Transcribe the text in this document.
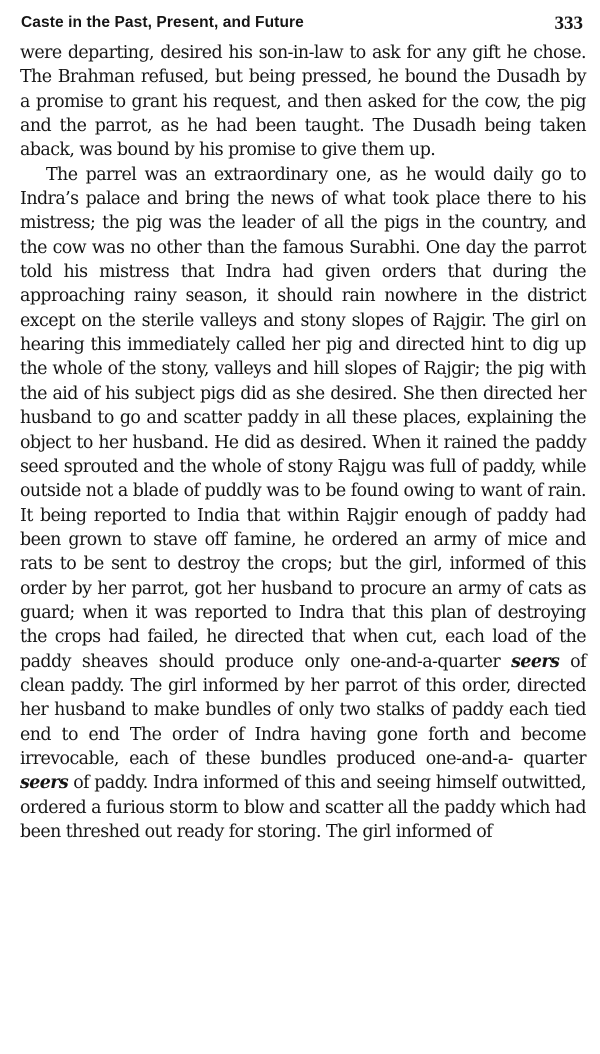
Caste in the Past, Present, and Future	333

were departing, desired his son-in-law to ask for any gift he chose. The Brahman refused, but being pressed, he bound the Dusadh by a promise to grant his request, and then asked for the cow, the pig and the parrot, as he had been taught. The Dusadh being taken aback, was bound by his promise to give them up.

The parrel was an extraordinary one, as he would daily go to Indra’s palace and bring the news of what took place there to his mistress; the pig was the leader of all the pigs in the country, and the cow was no other than the famous Surabhi. One day the parrot told his mistress that Indra had given orders that during the approaching rainy season, it should rain nowhere in the district except on the sterile valleys and stony slopes of Rajgir. The girl on hearing this immediately called her pig and directed hint to dig up the whole of the stony, valleys and hill slopes of Rajgir; the pig with the aid of his subject pigs did as she desired. She then directed her husband to go and scatter paddy in all these places, explaining the object to her husband. He did as desired. When it rained the paddy seed sprouted and the whole of stony Rajgu was full of paddy, while outside not a blade of puddly was to be found owing to want of rain. It being reported to India that within Rajgir enough of paddy had been grown to stave off famine, he ordered an army of mice and rats to be sent to destroy the crops; but the girl, informed of this order by her parrot, got her husband to procure an army of cats as guard; when it was reported to Indra that this plan of destroying the crops had failed, he directed that when cut, each load of the paddy sheaves should produce only one-and-a-quarter seers of clean paddy. The girl informed by her parrot of this order, directed her husband to make bundles of only two stalks of paddy each tied end to end The order of Indra having gone forth and become irrevocable, each of these bundles produced one-and-a- quarter seers of paddy. Indra informed of this and seeing himself outwitted, ordered a furious storm to blow and scatter all the paddy which had been threshed out ready for storing. The girl informed of
